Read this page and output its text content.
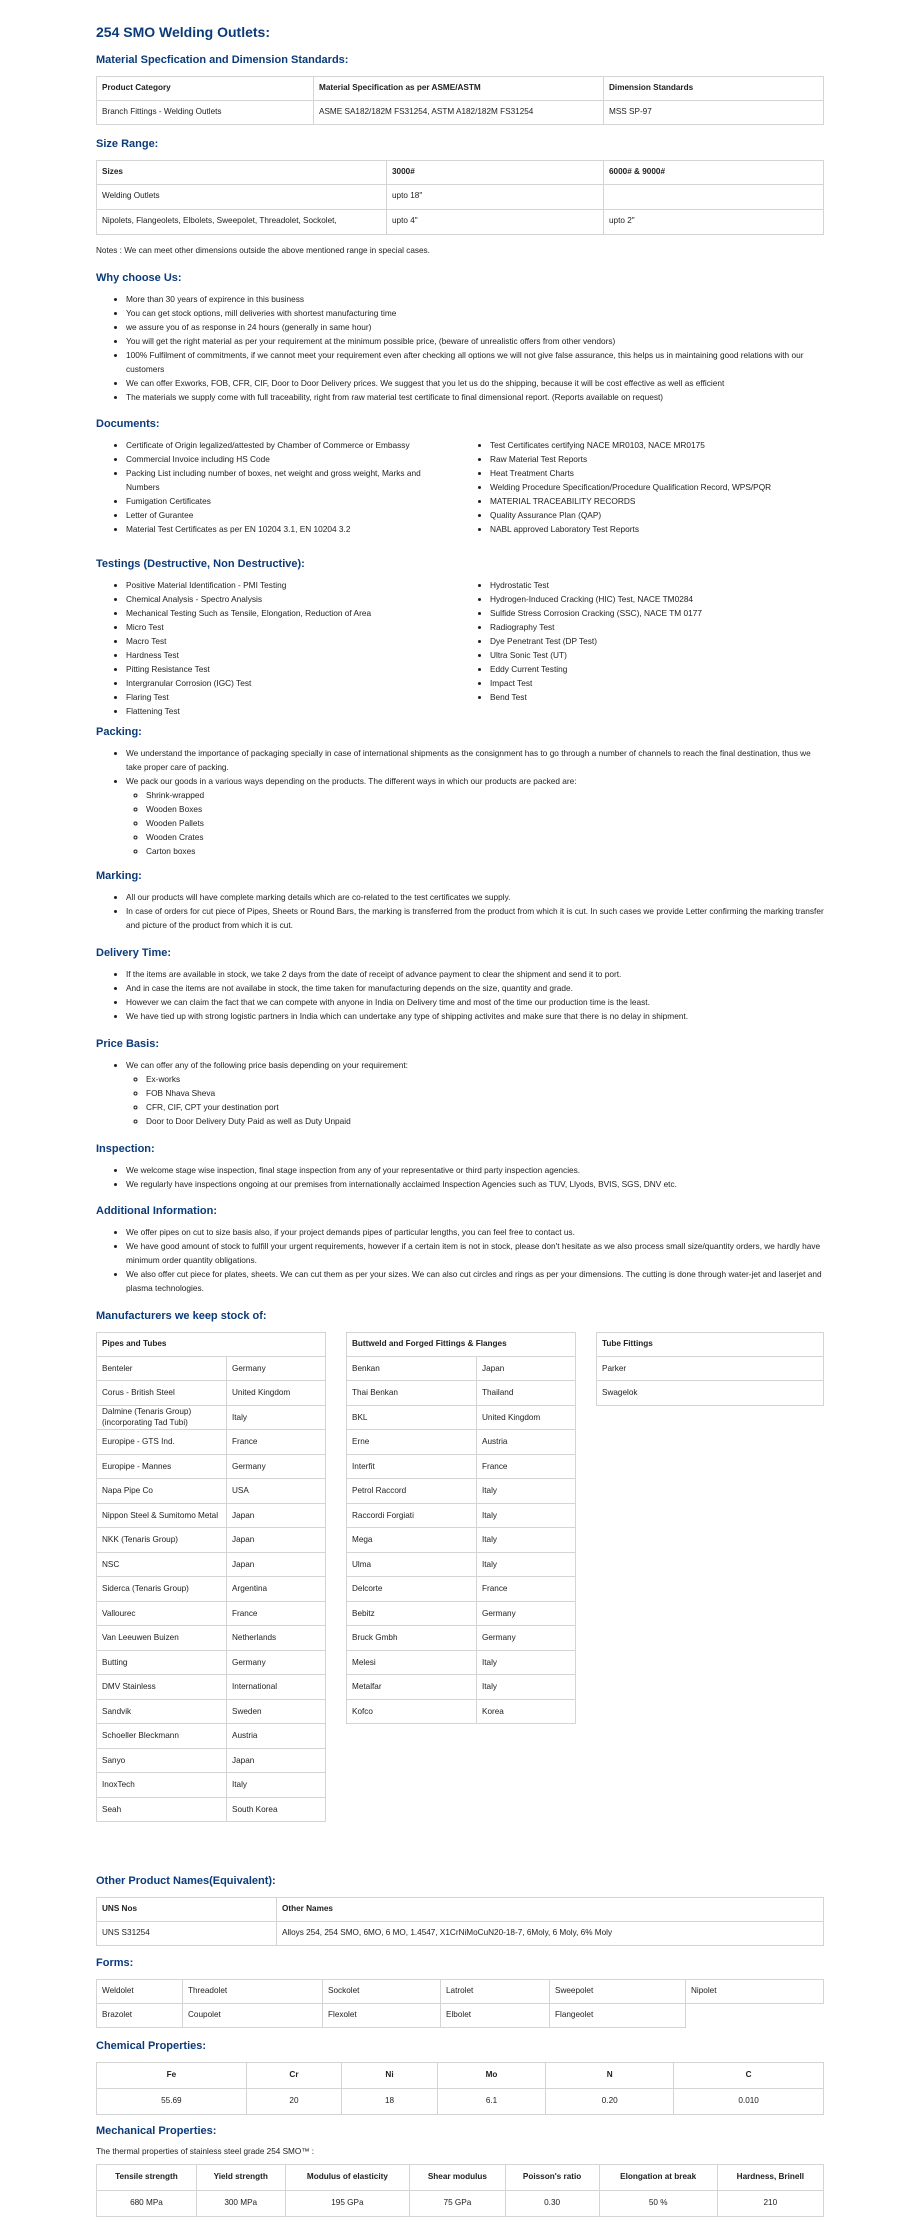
254 SMO Welding Outlets:
Material Specfication and Dimension Standards:
Product Category	Material Specification as per ASME/ASTM	Dimension Standards
Branch Fittings - Welding Outlets	ASME SA182/182M FS31254, ASTM A182/182M FS31254	MSS SP-97
Size Range:
Sizes	3000#	6000# & 9000#
Welding Outlets	upto 18"	
Nipolets, Flangeolets, Elbolets, Sweepolet, Threadolet, Sockolet,	upto 4"	upto 2"

Notes : We can meet other dimensions outside the above mentioned range in special cases.

Why choose Us:
• More than 30 years of expirence in this business
• You can get stock options, mill deliveries with shortest manufacturing time
• we assure you of as response in 24 hours (generally in same hour)
• You will get the right material as per your requirement at the minimum possible price, (beware of unrealistic offers from other vendors)
• 100% Fulfilment of commitments, if we cannot meet your requirement even after checking all options we will not give false assurance, this helps us in maintaining good relations with our customers
• We can offer Exworks, FOB, CFR, CIF, Door to Door Delivery prices. We suggest that you let us do the shipping, because it will be cost effective as well as efficient
• The materials we supply come with full traceability, right from raw material test certificate to final dimensional report. (Reports available on request)
Documents:
• Certificate of Origin legalized/attested by Chamber of Commerce or Embassy
• Commercial Invoice including HS Code
• Packing List including number of boxes, net weight and gross weight, Marks and Numbers
• Fumigation Certificates
• Letter of Gurantee
• Material Test Certificates as per EN 10204 3.1, EN 10204 3.2
• Test Certificates certifying NACE MR0103, NACE MR0175
• Raw Material Test Reports
• Heat Treatment Charts
• Welding Procedure Specification/Procedure Qualification Record, WPS/PQR
• MATERIAL TRACEABILITY RECORDS
• Quality Assurance Plan (QAP)
• NABL approved Laboratory Test Reports
Testings (Destructive, Non Destructive):
• Positive Material Identification - PMI Testing
• Chemical Analysis - Spectro Analysis
• Mechanical Testing Such as Tensile, Elongation, Reduction of Area
• Micro Test
• Macro Test
• Hardness Test
• Pitting Resistance Test
• Intergranular Corrosion (IGC) Test
• Flaring Test
• Flattening Test
• Hydrostatic Test
• Hydrogen-Induced Cracking (HIC) Test, NACE TM0284
• Sulfide Stress Corrosion Cracking (SSC), NACE TM 0177
• Radiography Test
• Dye Penetrant Test (DP Test)
• Ultra Sonic Test (UT)
• Eddy Current Testing
• Impact Test
• Bend Test
Packing:
• We understand the importance of packaging specially in case of international shipments as the consignment has to go through a number of channels to reach the final destination, thus we take proper care of packing.
• We pack our goods in a various ways depending on the products. The different ways in which our products are packed are:
◦ Shrink-wrapped
◦ Wooden Boxes
◦ Wooden Pallets
◦ Wooden Crates
◦ Carton boxes
Marking:
• All our products will have complete marking details which are co-related to the test certificates we supply.
• In case of orders for cut piece of Pipes, Sheets or Round Bars, the marking is transferred from the product from which it is cut. In such cases we provide Letter confirming the marking transfer and picture of the product from which it is cut.
Delivery Time:
• If the items are available in stock, we take 2 days from the date of receipt of advance payment to clear the shipment and send it to port.
• And in case the items are not availabe in stock, the time taken for manufacturing depends on the size, quantity and grade.
• However we can claim the fact that we can compete with anyone in India on Delivery time and most of the time our production time is the least.
• We have tied up with strong logistic partners in India which can undertake any type of shipping activites and make sure that there is no delay in shipment.
Price Basis:
• We can offer any of the following price basis depending on your requirement:
◦ Ex-works
◦ FOB Nhava Sheva
◦ CFR, CIF, CPT your destination port
◦ Door to Door Delivery Duty Paid as well as Duty Unpaid
Inspection:
• We welcome stage wise inspection, final stage inspection from any of your representative or third party inspection agencies.
• We regularly have inspections ongoing at our premises from internationally acclaimed Inspection Agencies such as TUV, Llyods, BVIS, SGS, DNV etc.
Additional Information:
• We offer pipes on cut to size basis also, if your project demands pipes of particular lengths, you can feel free to contact us.
• We have good amount of stock to fulfill your urgent requirements, however if a certain item is not in stock, please don't hesitate as we also process small size/quantity orders, we hardly have minimum order quantity obligations.
• We also offer cut piece for plates, sheets. We can cut them as per your sizes. We can also cut circles and rings as per your dimensions. The cutting is done through water-jet and laserjet and plasma technologies.
Manufacturers we keep stock of:
Pipes and Tubes	
Benteler	Germany
Corus - British Steel	United Kingdom
Dalmine (Tenaris Group) (incorporating Tad Tubi)	Italy
Europipe - GTS Ind.	France
Europipe - Mannes	Germany
Napa Pipe Co	USA
Nippon Steel & Sumitomo Metal	Japan
NKK (Tenaris Group)	Japan
NSC	Japan
Siderca (Tenaris Group)	Argentina
Vallourec	France
Van Leeuwen Buizen	Netherlands
Butting	Germany
DMV Stainless	International
Sandvik	Sweden
Schoeller Bleckmann	Austria
Sanyo	Japan
InoxTech	Italy
Seah	South Korea
Buttweld and Forged Fittings & Flanges	
Benkan	Japan
Thai Benkan	Thailand
BKL	United Kingdom
Erne	Austria
Interfit	France
Petrol Raccord	Italy
Raccordi Forgiati	Italy
Mega	Italy
Ulma	Italy
Delcorte	France
Bebitz	Germany
Bruck Gmbh	Germany
Melesi	Italy
Metalfar	Italy
Kofco	Korea
Tube Fittings
Parker
Swagelok
Other Product Names(Equivalent):
UNS Nos	Other Names
UNS S31254	Alloys 254, 254 SMO, 6MO, 6 MO, 1.4547, X1CrNiMoCuN20-18-7, 6Moly, 6 Moly, 6% Moly
Forms:
Weldolet	Threadolet	Sockolet	Latrolet	Sweepolet	Nipolet
Brazolet	Coupolet	Flexolet	Elbolet	Flangeolet	
Chemical Properties:
Fe	Cr	Ni	Mo	N	C
55.69	20	18	6.1	0.20	0.010
Mechanical Properties:

The thermal properties of stainless steel grade 254 SMO™ :

Tensile strength	Yield strength	Modulus of elasticity	Shear modulus	Poisson's ratio	Elongation at break	Hardness, Brinell
680 MPa	300 MPa	195 GPa	75 GPa	0.30	50 %	210
